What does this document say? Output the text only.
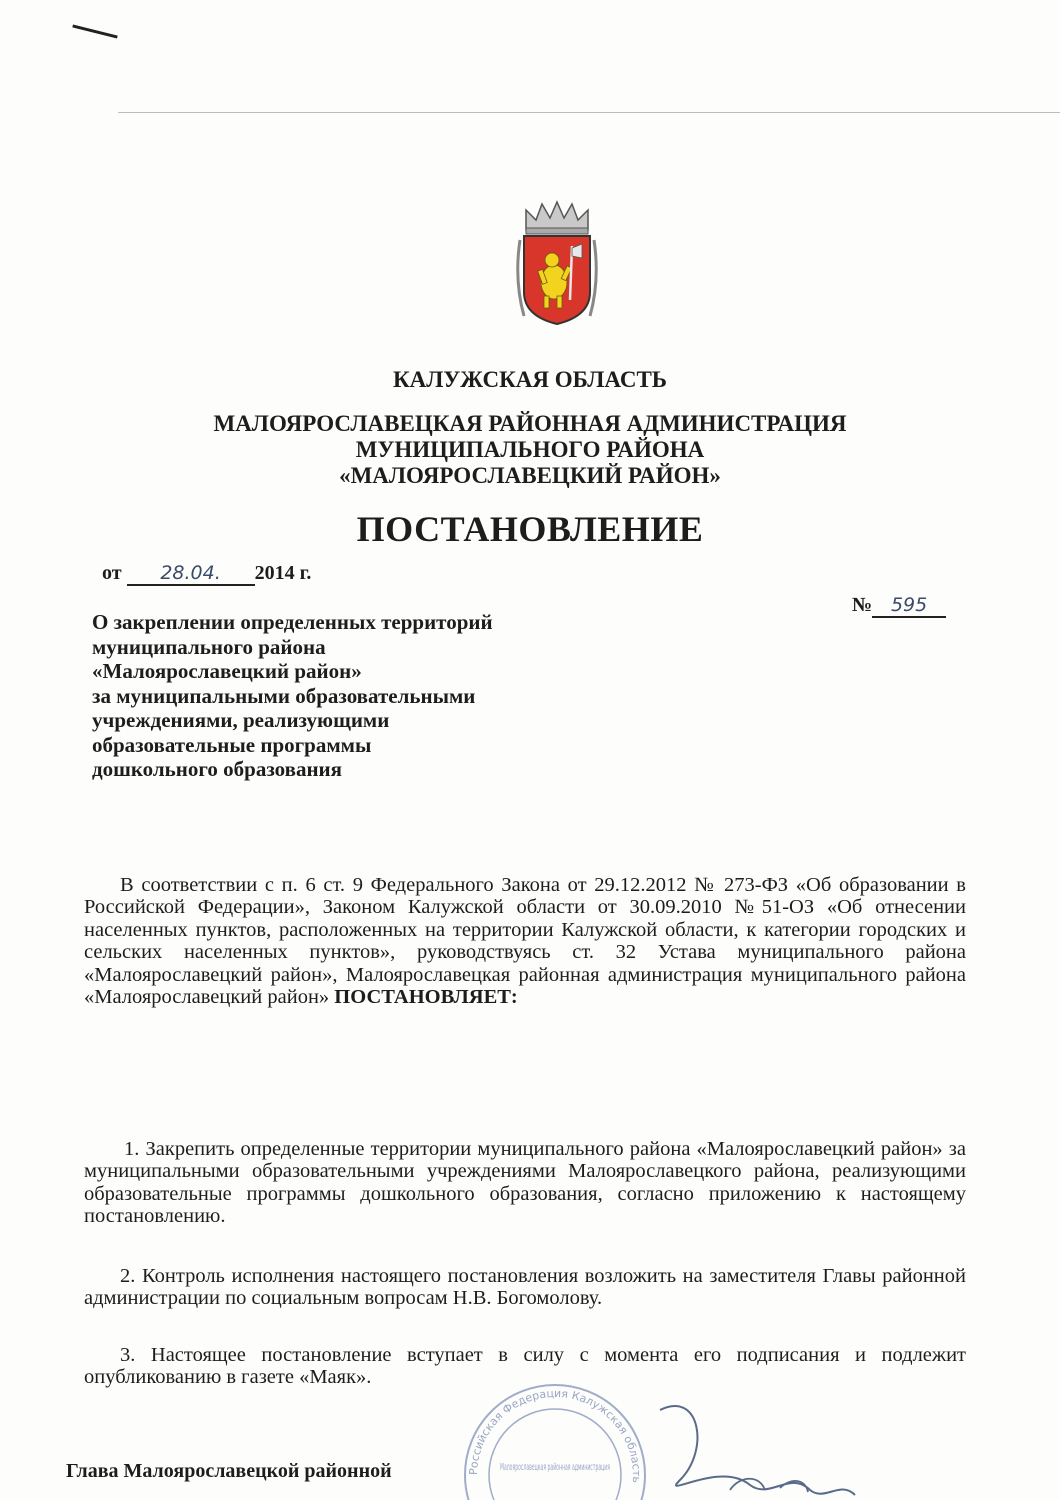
КАЛУЖСКАЯ ОБЛАСТЬ
МАЛОЯРОСЛАВЕЦКАЯ РАЙОННАЯ АДМИНИСТРАЦИЯ
МУНИЦИПАЛЬНОГО РАЙОНА
«МАЛОЯРОСЛАВЕЦКИЙ РАЙОН»
ПОСТАНОВЛЕНИЕ
от 28.04. 2014 г.
№ 595
О закреплении определенных территорий
муниципального района
«Малоярославецкий район»
за муниципальными образовательными
учреждениями, реализующими
образовательные программы
дошкольного образования
В соответствии с п. 6 ст. 9 Федерального Закона от 29.12.2012 № 273-ФЗ «Об образовании в Российской Федерации», Законом Калужской области от 30.09.2010 №51-ОЗ «Об отнесении населенных пунктов, расположенных на территории Калужской области, к категории городских и сельских населенных пунктов», руководствуясь ст. 32 Устава муниципального района «Малоярославецкий район», Малоярославецкая районная администрация муниципального района «Малоярославецкий район» ПОСТАНОВЛЯЕТ:
1. Закрепить определенные территории муниципального района «Малоярославецкий район» за муниципальными образовательными учреждениями Малоярославецкого района, реализующими образовательные программы дошкольного образования, согласно приложению к настоящему постановлению.
2. Контроль исполнения настоящего постановления возложить на заместителя Главы районной администрации по социальным вопросам Н.В. Богомолову.
3. Настоящее постановление вступает в силу с момента его подписания и подлежит опубликованию в газете «Маяк».
Российская Федерация Калужская область
Малоярославецкая районная администрация
Глава Малоярославецкой районной
